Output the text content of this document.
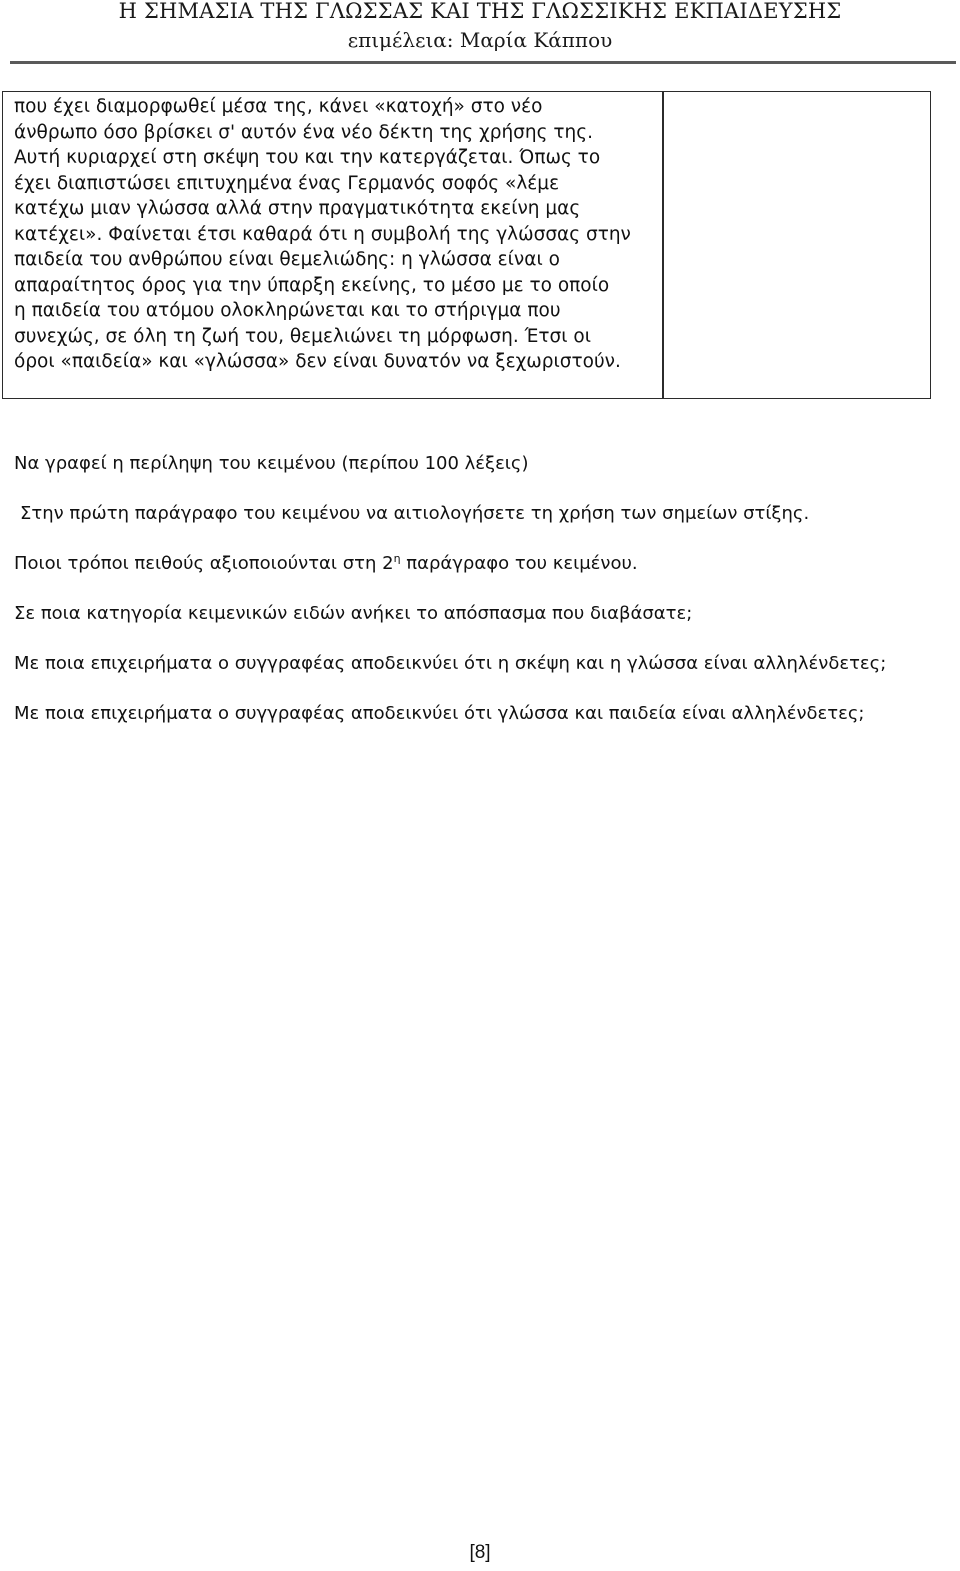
Η ΣΗΜΑΣΙΑ ΤΗΣ ΓΛΩΣΣΑΣ ΚΑΙ ΤΗΣ ΓΛΩΣΣΙΚΗΣ ΕΚΠΑΙΔΕΥΣΗΣ
επιμέλεια: Μαρία Κάππου
που έχει διαμορφωθεί μέσα της, κάνει «κατοχή» στο νέο
άνθρωπο όσο βρίσκει σ' αυτόν ένα νέο δέκτη της χρήσης της.
Αυτή κυριαρχεί στη σκέψη του και την κατεργάζεται. Όπως το
έχει διαπιστώσει επιτυχημένα ένας Γερμανός σοφός «λέμε
κατέχω μιαν γλώσσα αλλά στην πραγματικότητα εκείνη μας
κατέχει». Φαίνεται έτσι καθαρά ότι η συμβολή της γλώσσας στην
παιδεία του ανθρώπου είναι θεμελιώδης: η γλώσσα είναι ο
απαραίτητος όρος για την ύπαρξη εκείνης, το μέσο με το οποίο
η παιδεία του ατόμου ολοκληρώνεται και το στήριγμα που
συνεχώς, σε όλη τη ζωή του, θεμελιώνει τη μόρφωση. Έτσι οι
όροι «παιδεία» και «γλώσσα» δεν είναι δυνατόν να ξεχωριστούν.
Να γραφεί η περίληψη του κειμένου (περίπου 100 λέξεις)
Στην πρώτη παράγραφο του κειμένου να αιτιολογήσετε τη χρήση των σημείων στίξης.
Ποιοι τρόποι πειθούς αξιοποιούνται στη $2^\eta$ παράγραφο του κειμένου.
Σε ποια κατηγορία κειμενικών ειδών ανήκει το απόσπασμα που διαβάσατε;
Με ποια επιχειρήματα ο συγγραφέας αποδεικνύει ότι η σκέψη και η γλώσσα είναι αλληλένδετες;
Με ποια επιχειρήματα ο συγγραφέας αποδεικνύει ότι γλώσσα και παιδεία είναι αλληλένδετες;
[8]
